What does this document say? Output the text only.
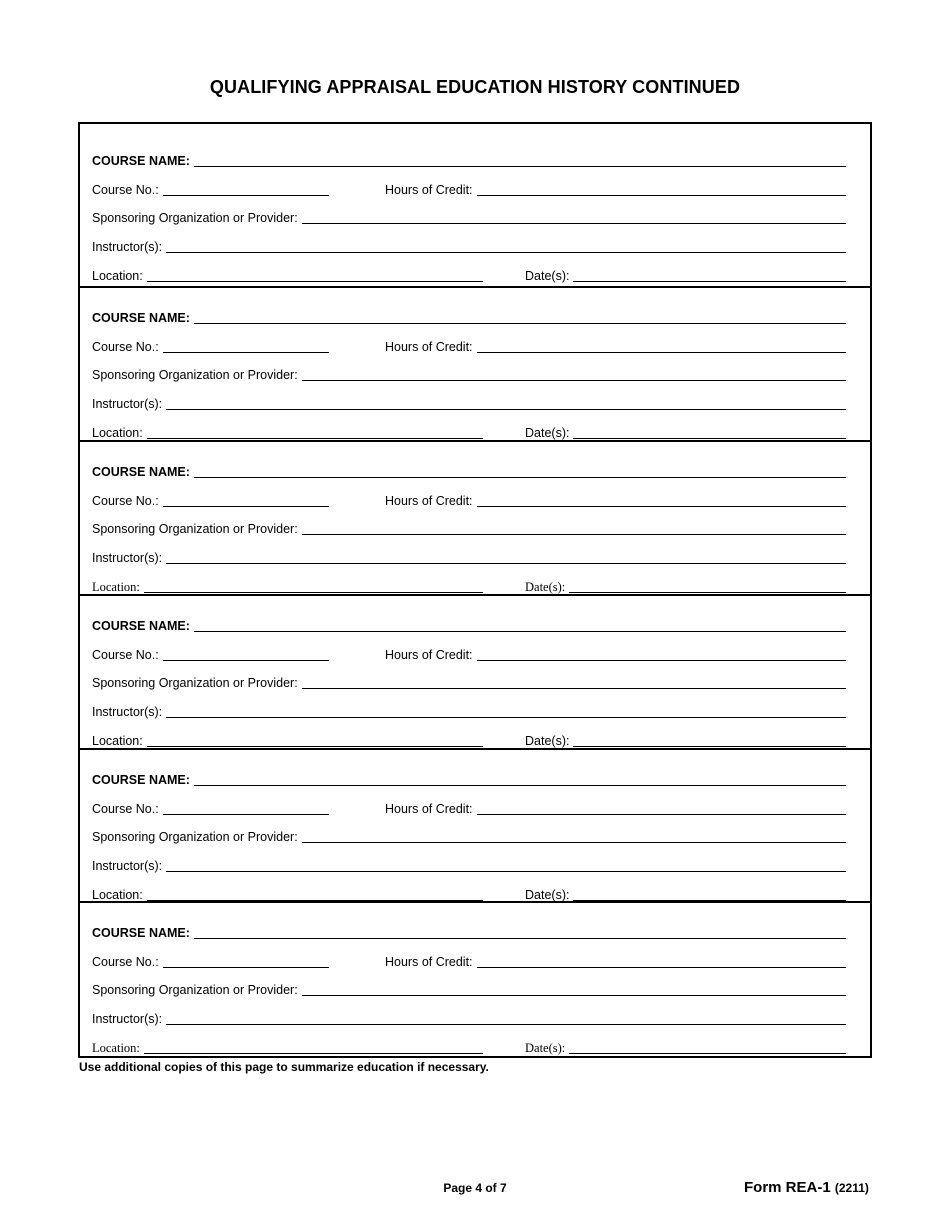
QUALIFYING APPRAISAL EDUCATION HISTORY CONTINUED
COURSE NAME:
Course No.:	Hours of Credit:
Sponsoring Organization or Provider:
Instructor(s):
Location:	Date(s):
COURSE NAME:
Course No.:	Hours of Credit:
Sponsoring Organization or Provider:
Instructor(s):
Location:	Date(s):
COURSE NAME:
Course No.:	Hours of Credit:
Sponsoring Organization or Provider:
Instructor(s):
Location:	Date(s):
COURSE NAME:
Course No.:	Hours of Credit:
Sponsoring Organization or Provider:
Instructor(s):
Location:	Date(s):
COURSE NAME:
Course No.:	Hours of Credit:
Sponsoring Organization or Provider:
Instructor(s):
Location:	Date(s):
COURSE NAME:
Course No.:	Hours of Credit:
Sponsoring Organization or Provider:
Instructor(s):
Location:	Date(s):
Use additional copies of this page to summarize education if necessary.
Page 4 of 7	Form REA-1 (2211)
